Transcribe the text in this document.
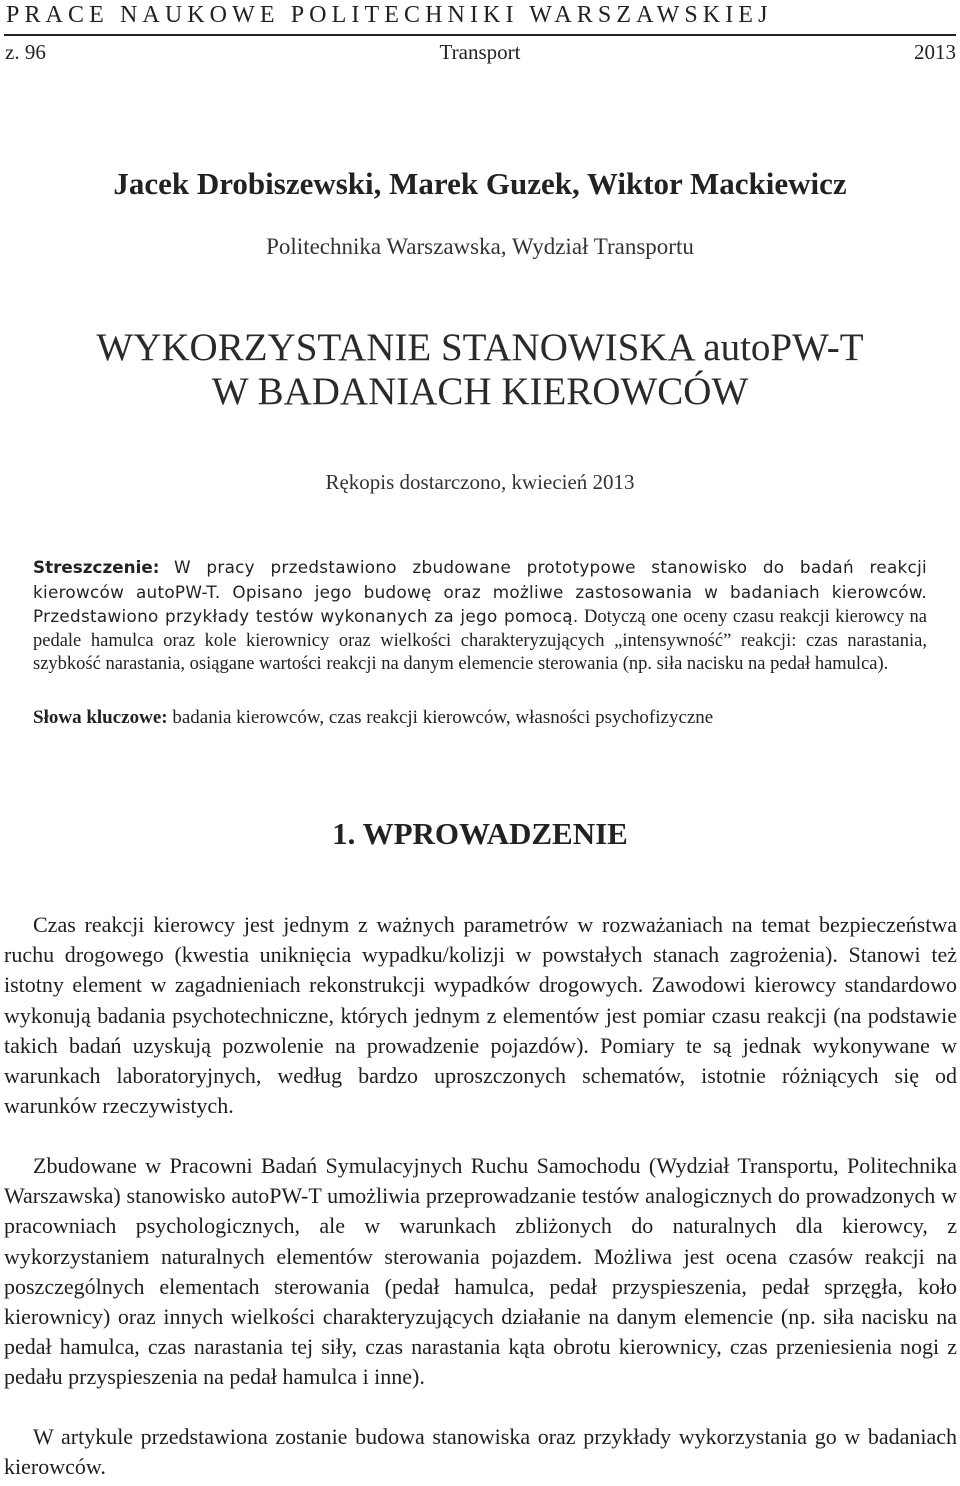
PRACE NAUKOWE POLITECHNIKI WARSZAWSKIEJ
z. 96	Transport	2013
Jacek Drobiszewski, Marek Guzek, Wiktor Mackiewicz
Politechnika Warszawska, Wydział Transportu
WYKORZYSTANIE STANOWISKA autoPW-T
W BADANIACH KIEROWCÓW
Rękopis dostarczono, kwiecień 2013
Streszczenie: W pracy przedstawiono zbudowane prototypowe stanowisko do badań reakcji kierowców autoPW-T. Opisano jego budowę oraz możliwe zastosowania w badaniach kierowców. Przedstawiono przykłady testów wykonanych za jego pomocą. Dotyczą one oceny czasu reakcji kierowcy na pedale hamulca oraz kole kierownicy oraz wielkości charakteryzujących „intensywność” reakcji: czas narastania, szybkość narastania, osiągane wartości reakcji na danym elemencie sterowania (np. siła nacisku na pedał hamulca).
Słowa kluczowe: badania kierowców, czas reakcji kierowców, własności psychofizyczne
1. WPROWADZENIE
Czas reakcji kierowcy jest jednym z ważnych parametrów w rozważaniach na temat bezpieczeństwa ruchu drogowego (kwestia uniknięcia wypadku/kolizji w powstałych stanach zagrożenia). Stanowi też istotny element w zagadnieniach rekonstrukcji wypadków drogowych. Zawodowi kierowcy standardowo wykonują badania psychotechniczne, których jednym z elementów jest pomiar czasu reakcji (na podstawie takich badań uzyskują pozwolenie na prowadzenie pojazdów). Pomiary te są jednak wykonywane w warunkach laboratoryjnych, według bardzo uproszczonych schematów, istotnie różniących się od warunków rzeczywistych.
Zbudowane w Pracowni Badań Symulacyjnych Ruchu Samochodu (Wydział Transportu, Politechnika Warszawska) stanowisko autoPW-T umożliwia przeprowadzanie testów analogicznych do prowadzonych w pracowniach psychologicznych, ale w warunkach zbliżonych do naturalnych dla kierowcy, z wykorzystaniem naturalnych elementów sterowania pojazdem. Możliwa jest ocena czasów reakcji na poszczególnych elementach sterowania (pedał hamulca, pedał przyspieszenia, pedał sprzęgła, koło kierownicy) oraz innych wielkości charakteryzujących działanie na danym elemencie (np. siła nacisku na pedał hamulca, czas narastania tej siły, czas narastania kąta obrotu kierownicy, czas przeniesienia nogi z pedału przyspieszenia na pedał hamulca i inne).
W artykule przedstawiona zostanie budowa stanowiska oraz przykłady wykorzystania go w badaniach kierowców.
